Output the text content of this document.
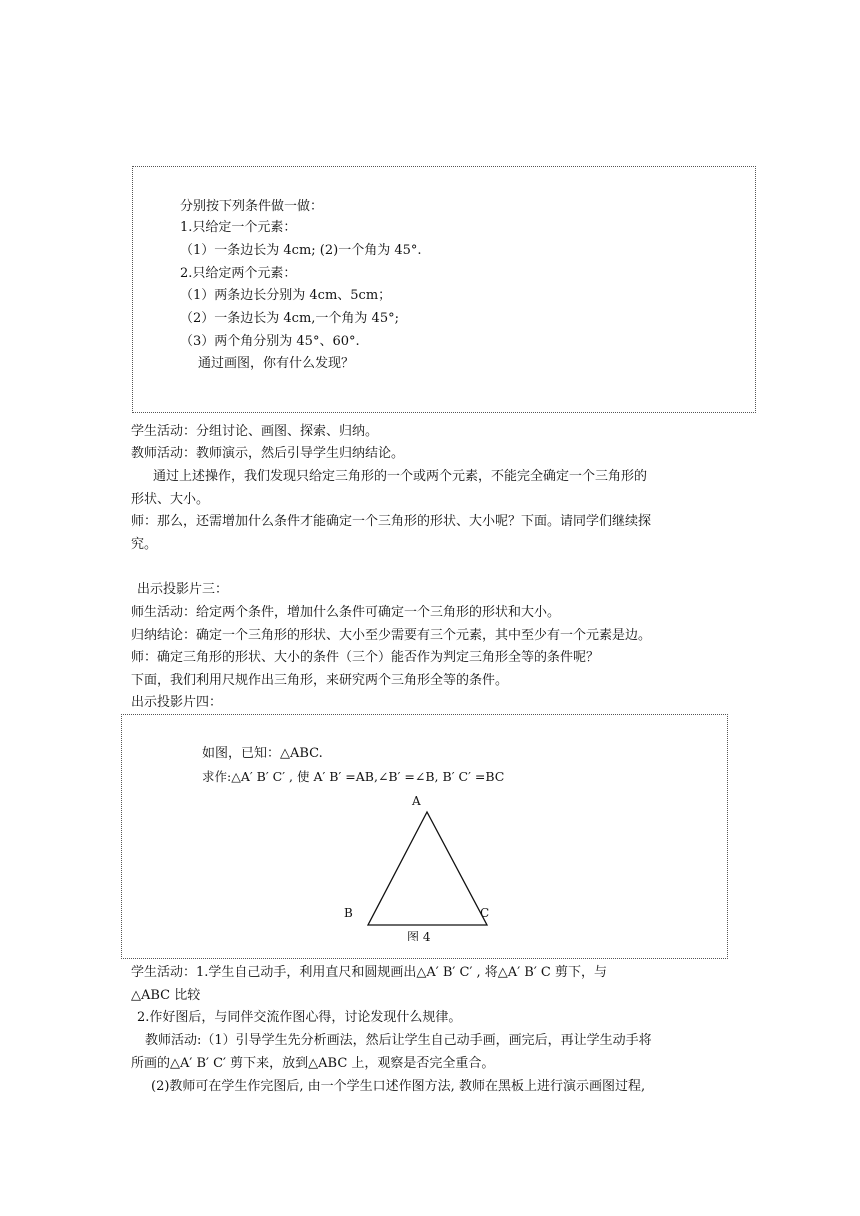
分别按下列条件做一做：
1.只给定一个元素：
（1）一条边长为 4cm; (2)一个角为 45°.
2.只给定两个元素：
（1）两条边长分别为 4cm、5cm；
（2）一条边长为 4cm,一个角为 45°;
（3）两个角分别为 45°、60°.
通过画图，你有什么发现？
学生活动：分组讨论、画图、探索、归纳。
教师活动：教师演示，然后引导学生归纳结论。
通过上述操作，我们发现只给定三角形的一个或两个元素，不能完全确定一个三角形的
形状、大小。
师：那么，还需增加什么条件才能确定一个三角形的形状、大小呢？下面。请同学们继续探
究。
出示投影片三：
师生活动：给定两个条件，增加什么条件可确定一个三角形的形状和大小。
归纳结论：确定一个三角形的形状、大小至少需要有三个元素，其中至少有一个元素是边。
师：确定三角形的形状、大小的条件（三个）能否作为判定三角形全等的条件呢？
下面，我们利用尺规作出三角形，来研究两个三角形全等的条件。
出示投影片四：
如图，已知：△ABC.
求作:△A′ B′ C′ , 使 A′ B′ =AB,∠B′ =∠B, B′ C′ =BC
A
B	C
图 4
学生活动：1.学生自己动手，利用直尺和圆规画出△A′ B′ C′ , 将△A′ B′ C 剪下，与
△ABC 比较
2.作好图后，与同伴交流作图心得，讨论发现什么规律。
教师活动:（1）引导学生先分析画法，然后让学生自己动手画，画完后，再让学生动手将
所画的△A′ B′ C′ 剪下来，放到△ABC 上，观察是否完全重合。
(2)教师可在学生作完图后, 由一个学生口述作图方法, 教师在黑板上进行演示画图过程,
